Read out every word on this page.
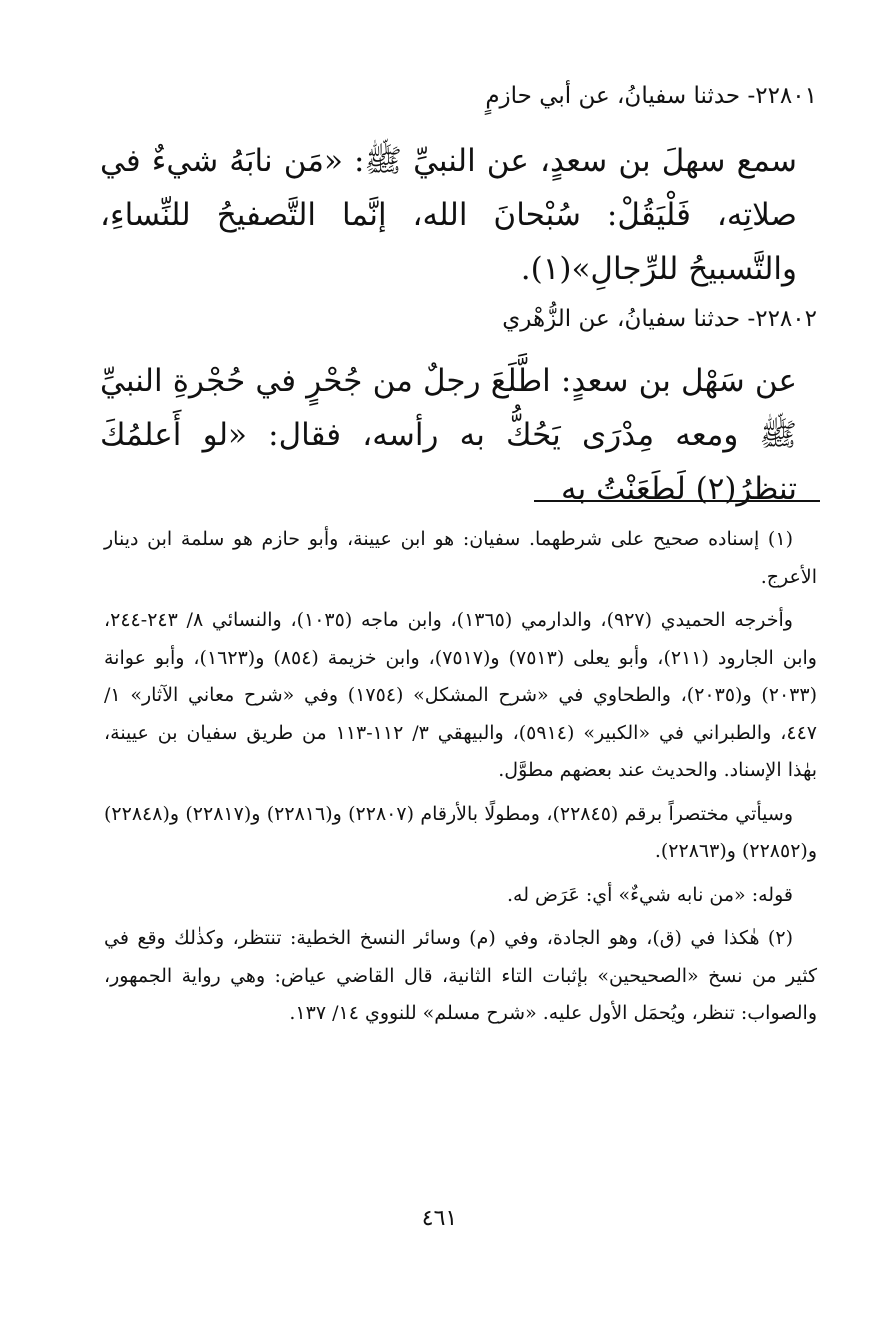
٢٢٨٠١- حدثنا سفيانُ، عن أبي حازمٍ
سمع سهلَ بن سعدٍ، عن النبيِّ ﷺ: «مَن نابَهُ شيءٌ في صلاتِه، فَلْيَقُلْ: سُبْحانَ الله، إنَّما التَّصفيحُ للنِّساءِ، والتَّسبيحُ للرِّجالِ»(١).
٢٢٨٠٢- حدثنا سفيانُ، عن الزُّهْري
عن سَهْل بن سعدٍ: اطَّلَعَ رجلٌ من جُحْرٍ في حُجْرةِ النبيِّ ﷺ ومعه مِدْرَى يَحُكُّ به رأسه، فقال: «لو أَعلمُكَ تنظرُ(٢) لَطَعَنْتُ به

(١) إسناده صحيح على شرطهما. سفيان: هو ابن عيينة، وأبو حازم هو سلمة ابن دينار الأعرج.

وأخرجه الحميدي (٩٢٧)، والدارمي (١٣٦٥)، وابن ماجه (١٠٣٥)، والنسائي ٨/ ٢٤٣-٢٤٤، وابن الجارود (٢١١)، وأبو يعلى (٧٥١٣) و(٧٥١٧)، وابن خزيمة (٨٥٤) و(١٦٢٣)، وأبو عوانة (٢٠٣٣) و(٢٠٣٥)، والطحاوي في «شرح المشكل» (١٧٥٤) وفي «شرح معاني الآثار» ١/ ٤٤٧، والطبراني في «الكبير» (٥٩١٤)، والبيهقي ٣/ ١١٢-١١٣ من طريق سفيان بن عيينة، بهٰذا الإسناد. والحديث عند بعضهم مطوَّل.

وسيأتي مختصراً برقم (٢٢٨٤٥)، ومطولًا بالأرقام (٢٢٨٠٧) و(٢٢٨١٦) و(٢٢٨١٧) و(٢٢٨٤٨) و(٢٢٨٥٢) و(٢٢٨٦٣).

قوله: «من نابه شيءٌ» أي: عَرَض له.

(٢) هٰكذا في (ق)، وهو الجادة، وفي (م) وسائر النسخ الخطية: تنتظر، وكذٰلك وقع في كثير من نسخ «الصحيحين» بإثبات التاء الثانية، قال القاضي عياض: وهي رواية الجمهور، والصواب: تنظر، ويُحمَل الأول عليه. «شرح مسلم» للنووي ١٤/ ١٣٧.

٤٦١
